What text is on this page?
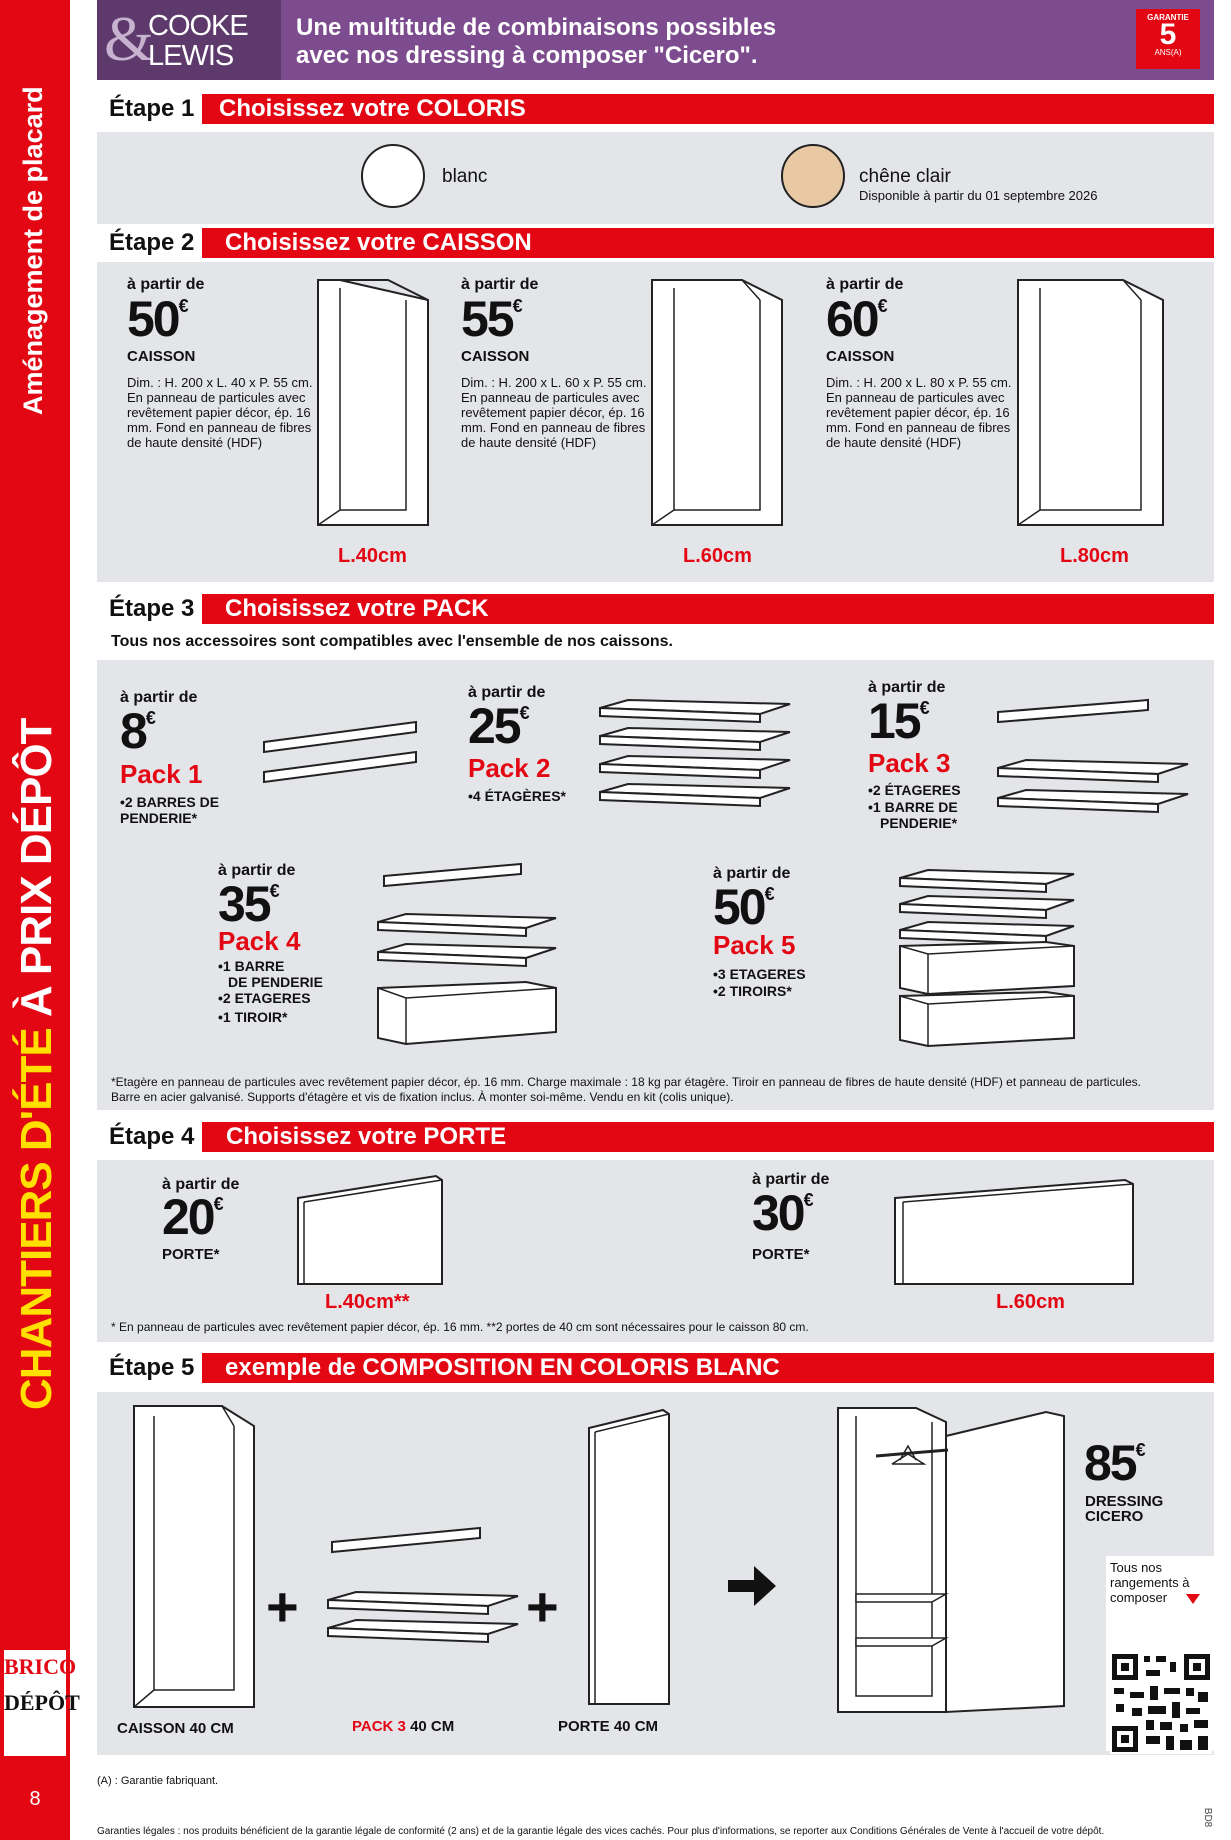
Aménagement de placard
CHANTIERS D'ÉTÉ À PRIX DÉPÔT
BRICO
DÉPÔT
8
&
COOKE
LEWIS
Une multitude de combinaisons possibles
avec nos dressing à composer "Cicero".
GARANTIE
5
ANS(A)
Étape 1	Choisissez votre COLORIS
blanc	chêne clair
Disponible à partir du 01 septembre 2026
Étape 2	Choisissez votre CAISSON
à partir de
50€
CAISSON
Dim. : H. 200 x L. 40 x P. 55 cm. En panneau de particules avec revêtement papier décor, ép. 16 mm. Fond en panneau de fibres de haute densité (HDF)
L.40cm
à partir de
55€
CAISSON
Dim. : H. 200 x L. 60 x P. 55 cm. En panneau de particules avec revêtement papier décor, ép. 16 mm. Fond en panneau de fibres de haute densité (HDF)
L.60cm
à partir de
60€
CAISSON
Dim. : H. 200 x L. 80 x P. 55 cm. En panneau de particules avec revêtement papier décor, ép. 16 mm. Fond en panneau de fibres de haute densité (HDF)
L.80cm
Étape 3	Choisissez votre PACK
Tous nos accessoires sont compatibles avec l'ensemble de nos caissons.
à partir de
8€
Pack 1
•2 BARRES DE
PENDERIE*
à partir de
25€
Pack 2
•4 ÉTAGÈRES*
à partir de
15€
Pack 3
•2 ÉTAGERES
•1 BARRE DE
PENDERIE*
à partir de
35€
Pack 4
•1 BARRE
DE PENDERIE
•2 ETAGERES
•1 TIROIR*
à partir de
50€
Pack 5
•3 ETAGERES
•2 TIROIRS*
*Etagère en panneau de particules avec revêtement papier décor, ép. 16 mm. Charge maximale : 18 kg par étagère. Tiroir en panneau de fibres de haute densité (HDF) et panneau de particules.
Barre en acier galvanisé. Supports d'étagère et vis de fixation inclus. À monter soi-même. Vendu en kit (colis unique).
Étape 4	Choisissez votre PORTE
à partir de
20€
PORTE*
L.40cm**
à partir de
30€
PORTE*
L.60cm
* En panneau de particules avec revêtement papier décor, ép. 16 mm. **2 portes de 40 cm sont nécessaires pour le caisson 80 cm.
Étape 5	exemple de COMPOSITION EN COLORIS BLANC
CAISSON 40 CM
+
PACK 3 40 CM
+
PORTE 40 CM
85€
DRESSING
CICERO
Tous nos
rangements à
composer
(A) : Garantie fabriquant.
Garanties légales : nos produits bénéficient de la garantie légale de conformité (2 ans) et de la garantie légale des vices cachés. Pour plus d'informations, se reporter aux Conditions Générales de Vente à l'accueil de votre dépôt.
BD8
